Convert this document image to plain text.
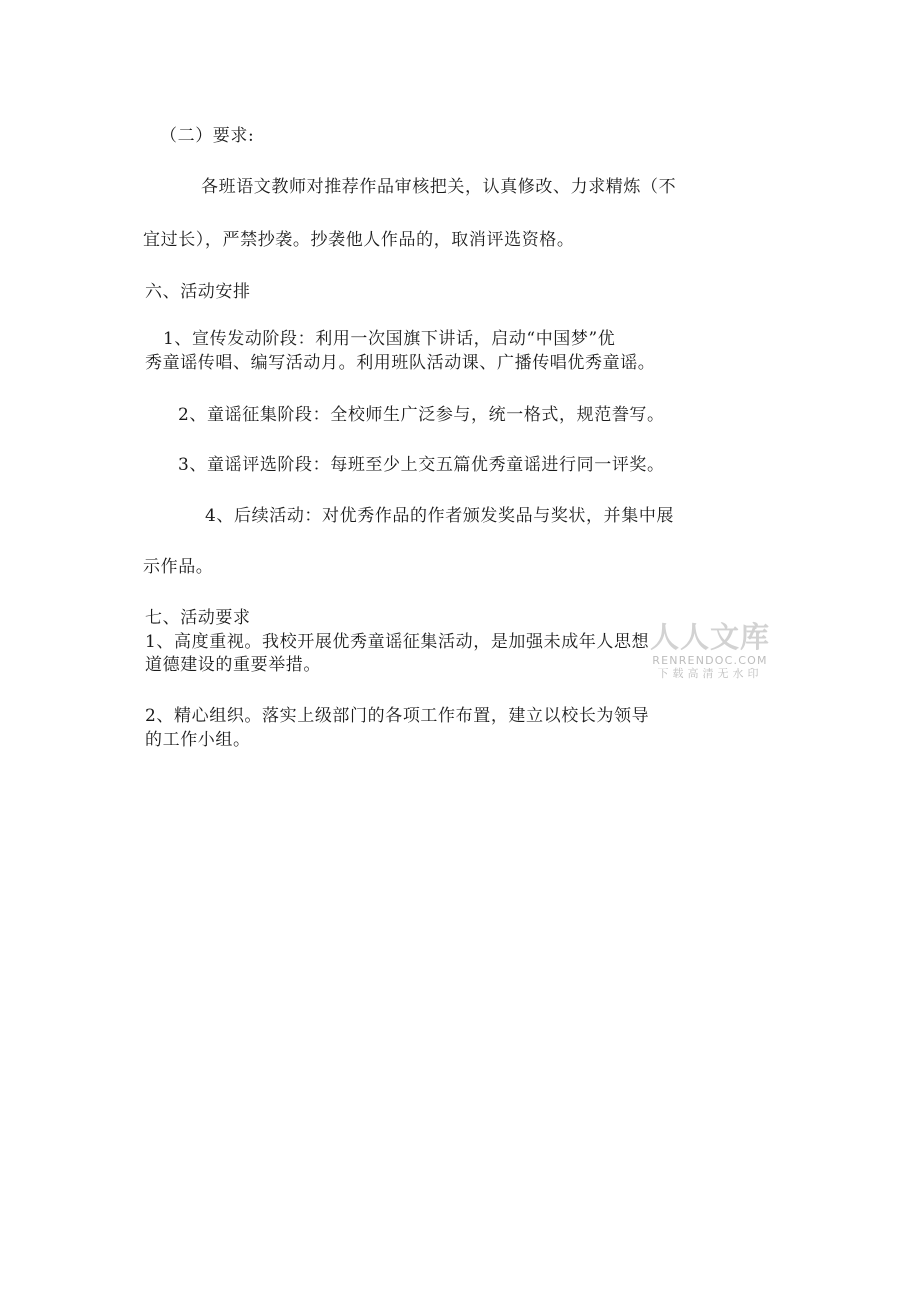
（二）要求:
各班语文教师对推荐作品审核把关，认真修改、力求精炼（不
宜过长），严禁抄袭。抄袭他人作品的，取消评选资格。
六、活动安排
1、宣传发动阶段：利用一次国旗下讲话，启动“中国梦”优
秀童谣传唱、编写活动月。利用班队活动课、广播传唱优秀童谣。
2、童谣征集阶段：全校师生广泛参与，统一格式，规范誊写。
3、童谣评选阶段：每班至少上交五篇优秀童谣进行同一评奖。
4、后续活动：对优秀作品的作者颁发奖品与奖状，并集中展
示作品。
七、活动要求
1、高度重视。我校开展优秀童谣征集活动，是加强未成年人思想
道德建设的重要举措。
2、精心组织。落实上级部门的各项工作布置，建立以校长为领导
的工作小组。
人人文库
RENRENDOC.COM
下载高清无水印
